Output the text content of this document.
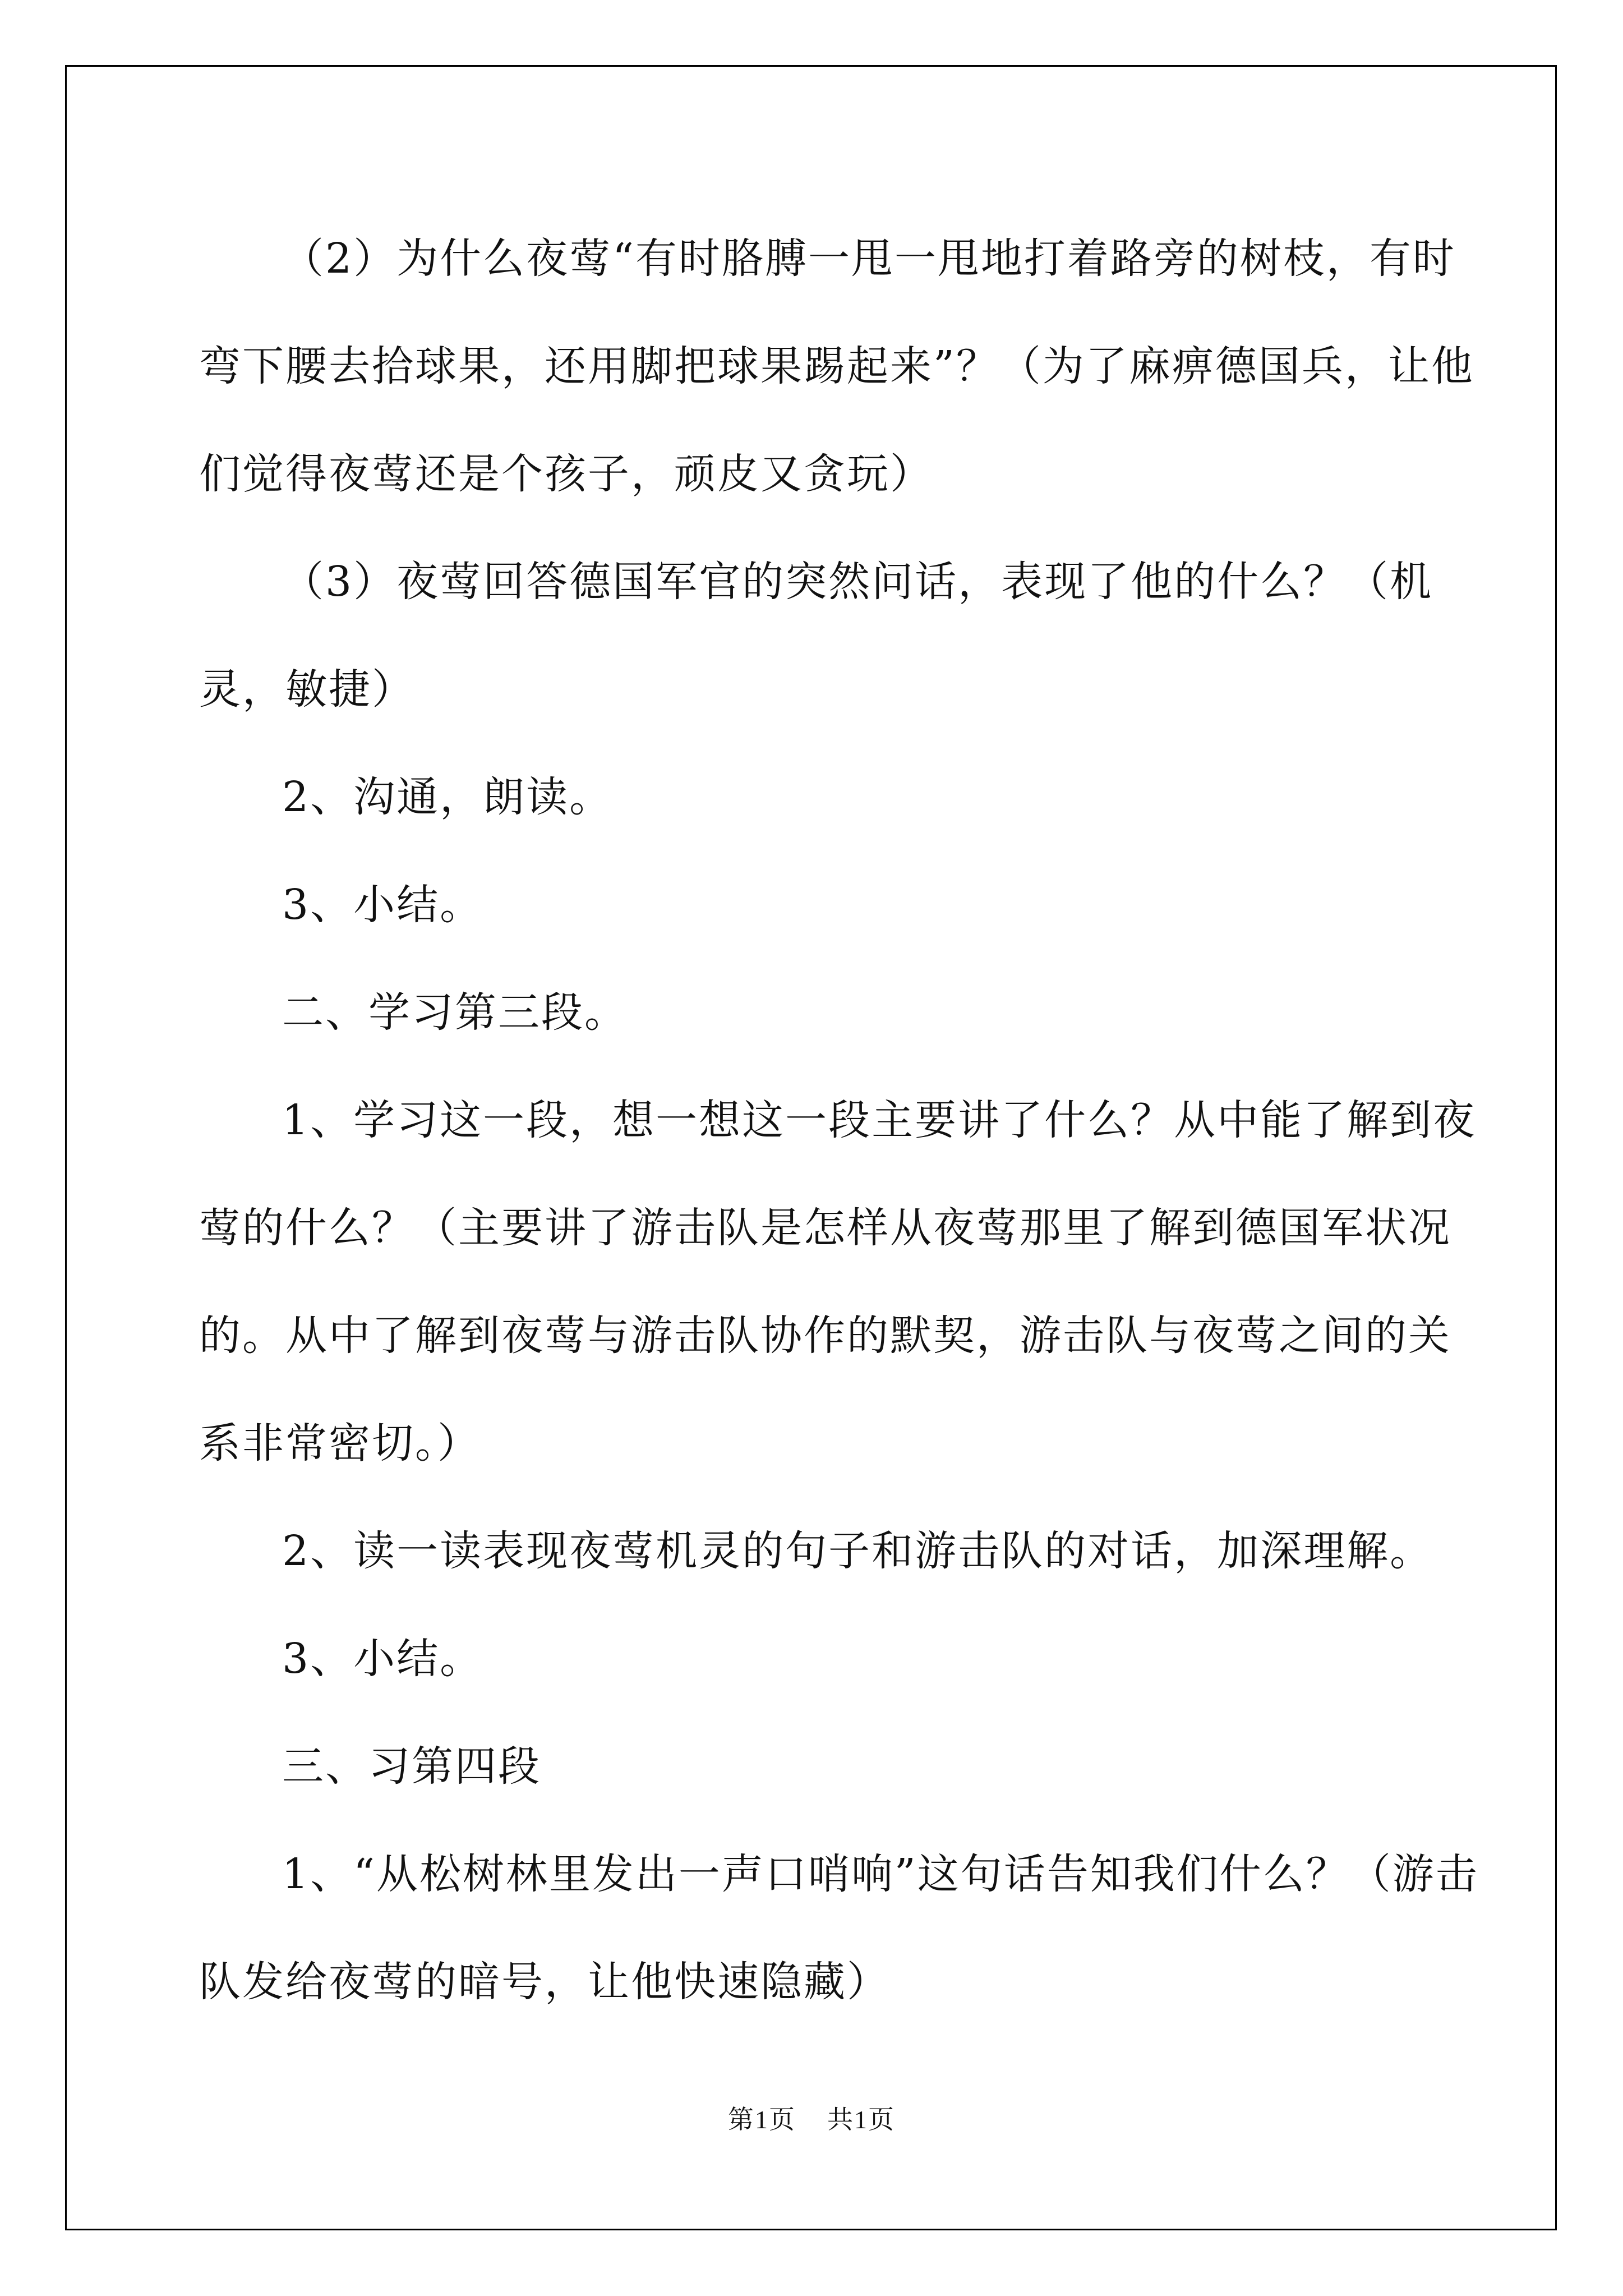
（2）为什么夜莺“有时胳膊一甩一甩地打着路旁的树枝，有时弯下腰去拾球果，还用脚把球果踢起来”？（为了麻痹德国兵，让他们觉得夜莺还是个孩子，顽皮又贪玩）

（3）夜莺回答德国军官的突然问话，表现了他的什么？（机灵，敏捷）

2、沟通，朗读。

3、小结。

二、学习第三段。

1、学习这一段，想一想这一段主要讲了什么？从中能了解到夜莺的什么？（主要讲了游击队是怎样从夜莺那里了解到德国军状况的。从中了解到夜莺与游击队协作的默契，游击队与夜莺之间的关系非常密切。）

2、读一读表现夜莺机灵的句子和游击队的对话，加深理解。

3、小结。

三、习第四段

1、“从松树林里发出一声口哨响”这句话告知我们什么？（游击队发给夜莺的暗号，让他快速隐藏）

第1页 共1页
